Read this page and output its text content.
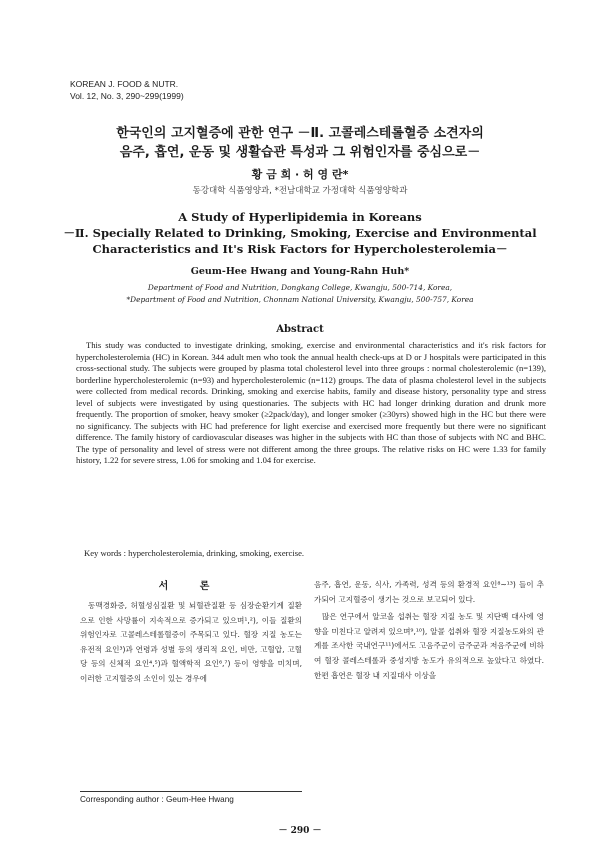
KOREAN J. FOOD & NUTR.
Vol. 12, No. 3, 290~299(1999)
한국인의 고지혈증에 관한 연구 －Ⅱ. 고콜레스테롤혈증 소견자의
음주, 흡연, 운동 및 생활습관 특성과 그 위험인자를 중심으로－
황 금 희 · 허 영 란*
동강대학 식품영양과, *전남대학교 가정대학 식품영양학과
A Study of Hyperlipidemia in Koreans
－Ⅱ. Specially Related to Drinking, Smoking, Exercise and Environmental
Characteristics and It's Risk Factors for Hypercholesterolemia－
Geum-Hee Hwang and Young-Rahn Huh*
Department of Food and Nutrition, Dongkang College, Kwangju, 500-714, Korea,
*Department of Food and Nutrition, Chonnam National University, Kwangju, 500-757, Korea
Abstract
This study was conducted to investigate drinking, smoking, exercise and environmental characteristics and it's risk factors for hypercholesterolemia (HC) in Korean. 344 adult men who took the annual health check-ups at D or J hospitals were participated in this cross-sectional study. The subjects were grouped by plasma total cholesterol level into three groups : normal cholesterolemic (n=139), borderline hypercholesterolemic (n=93) and hypercholesterolemic (n=112) groups. The data of plasma cholesterol level in the subjects were collected from medical records. Drinking, smoking and exercise habits, family and disease history, personality type and stress level of subjects were investigated by using questionaries. The subjects with HC had longer drinking duration and drunk more frequently. The proportion of smoker, heavy smoker (≥2pack/day), and longer smoker (≥30yrs) showed high in the HC but there were no significancy. The subjects with HC had preference for light exercise and exercised more frequently but there were no significant difference. The family history of cardiovascular diseases was higher in the subjects with HC than those of subjects with NC and BHC. The type of personality and level of stress were not different among the three groups. The relative risks on HC were 1.33 for family history, 1.22 for severe stress, 1.06 for smoking and 1.04 for exercise.
Key words : hypercholesterolemia, drinking, smoking, exercise.
서 론
동맥경화증, 허혈성심질환 및 뇌혈관질환 등 심장순환기계 질환으로 인한 사망률이 지속적으로 증가되고 있으며¹,²), 이들 질환의 위험인자로 고콜레스테롤혈증이 주목되고 있다. 혈장 지질 농도는 유전적 요인³)과 연령과 성별 등의 생리적 요인, 비만, 고혈압, 고혈당 등의 신체적 요인⁴,⁵)과 혈액학적 요인⁶,⁷) 등이 영향을 미치며, 이러한 고지혈증의 소인이 있는 경우에

음주, 흡연, 운동, 식사, 가족력, 성격 등의 환경적 요인⁸~¹³) 들이 추가되어 고지혈증이 생기는 것으로 보고되어 있다.

많은 연구에서 알코올 섭취는 혈장 지질 농도 및 지단백 대사에 영향을 미친다고 알려져 있으며⁹,¹⁰), 알콜 섭취와 혈장 지질농도와의 관계를 조사한 국내연구¹¹)에서도 고음주군이 금주군과 저음주군에 비하여 혈장 콜레스테롤과 중성지방 농도가 유의적으로 높았다고 하였다. 한편 흡연은 혈장 내 지질대사 이상을

Corresponding author : Geum-Hee Hwang
－ 290 －
